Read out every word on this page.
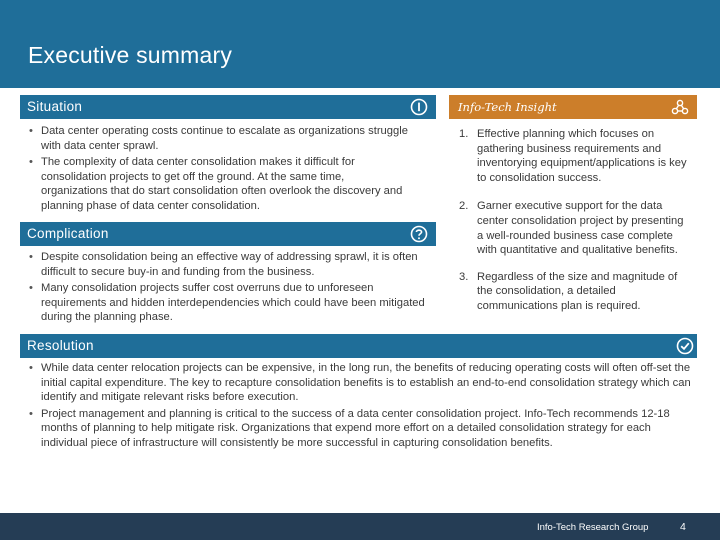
Executive summary
Situation
• Data center operating costs continue to escalate as organizations struggle with data center sprawl.
• The complexity of data center consolidation makes it difficult for consolidation projects to get off the ground. At the same time, organizations that do start consolidation often overlook the discovery and planning phase of data center consolidation.
Complication
• Despite consolidation being an effective way of addressing sprawl, it is often difficult to secure buy-in and funding from the business.
• Many consolidation projects suffer cost overruns due to unforeseen requirements and hidden interdependencies which could have been mitigated during the planning phase.
Info-Tech Insight
1. Effective planning which focuses on gathering business requirements and inventorying equipment/applications is key to consolidation success.
2. Garner executive support for the data center consolidation project by presenting a well-rounded business case complete with quantitative and qualitative benefits.
3. Regardless of the size and magnitude of the consolidation, a detailed communications plan is required.
Resolution
• While data center relocation projects can be expensive, in the long run, the benefits of reducing operating costs will often off-set the initial capital expenditure. The key to recapture consolidation benefits is to establish an end-to-end consolidation strategy which can identify and mitigate relevant risks before execution.
• Project management and planning is critical to the success of a data center consolidation project. Info-Tech recommends 12-18 months of planning to help mitigate risk. Organizations that expend more effort on a detailed consolidation strategy for each individual piece of infrastructure will consistently be more successful in capturing consolidation benefits.
Info-Tech Research Group	4
